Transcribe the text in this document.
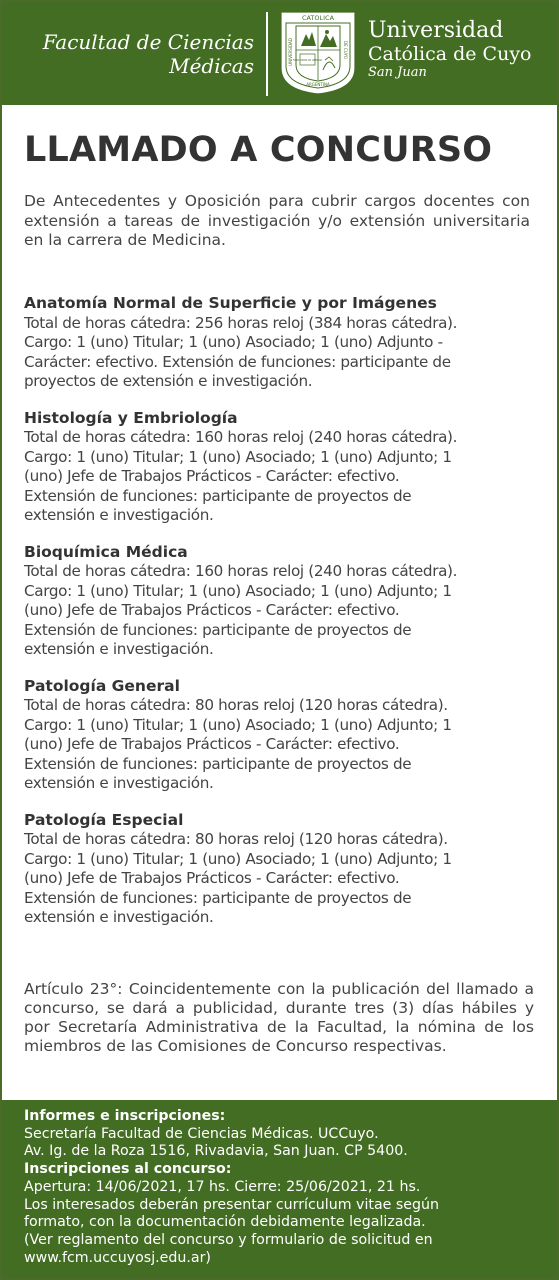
Facultad de Ciencias
Médicas
CATOLICA
UNIVERSIDAD	DE CUYO
ARGENTINA
FORMATIONS DE LIBERTAD
Universidad
Católica de Cuyo
San Juan
LLAMADO A CONCURSO
De Antecedentes y Oposición para cubrir cargos docentes con extensión a tareas de investigación y/o extensión universitaria en la carrera de Medicina.
Anatomía Normal de Superficie y por Imágenes

Total de horas cátedra: 256 horas reloj (384 horas cátedra).

Cargo: 1 (uno) Titular; 1 (uno) Asociado; 1 (uno) Adjunto -

Carácter: efectivo. Extensión de funciones: participante de

proyectos de extensión e investigación.

Histología y Embriología

Total de horas cátedra: 160 horas reloj (240 horas cátedra).

Cargo: 1 (uno) Titular; 1 (uno) Asociado; 1 (uno) Adjunto; 1

(uno) Jefe de Trabajos Prácticos - Carácter: efectivo.

Extensión de funciones: participante de proyectos de

extensión e investigación.

Bioquímica Médica

Total de horas cátedra: 160 horas reloj (240 horas cátedra).

Cargo: 1 (uno) Titular; 1 (uno) Asociado; 1 (uno) Adjunto; 1

(uno) Jefe de Trabajos Prácticos - Carácter: efectivo.

Extensión de funciones: participante de proyectos de

extensión e investigación.

Patología General

Total de horas cátedra: 80 horas reloj (120 horas cátedra).

Cargo: 1 (uno) Titular; 1 (uno) Asociado; 1 (uno) Adjunto; 1

(uno) Jefe de Trabajos Prácticos - Carácter: efectivo.

Extensión de funciones: participante de proyectos de

extensión e investigación.

Patología Especial

Total de horas cátedra: 80 horas reloj (120 horas cátedra).

Cargo: 1 (uno) Titular; 1 (uno) Asociado; 1 (uno) Adjunto; 1

(uno) Jefe de Trabajos Prácticos - Carácter: efectivo.

Extensión de funciones: participante de proyectos de

extensión e investigación.

Artículo 23°: Coincidentemente con la publicación del llamado a concurso, se dará a publicidad, durante tres (3) días hábiles y por Secretaría Administrativa de la Facultad, la nómina de los miembros de las Comisiones de Concurso respectivas.
Informes e inscripciones:
Secretaría Facultad de Ciencias Médicas. UCCuyo.
Av. Ig. de la Roza 1516, Rivadavia, San Juan. CP 5400.
Inscripciones al concurso:
Apertura: 14/06/2021, 17 hs. Cierre: 25/06/2021, 21 hs.
Los interesados deberán presentar currículum vitae según
formato, con la documentación debidamente legalizada.
(Ver reglamento del concurso y formulario de solicitud en
www.fcm.uccuyosj.edu.ar)
